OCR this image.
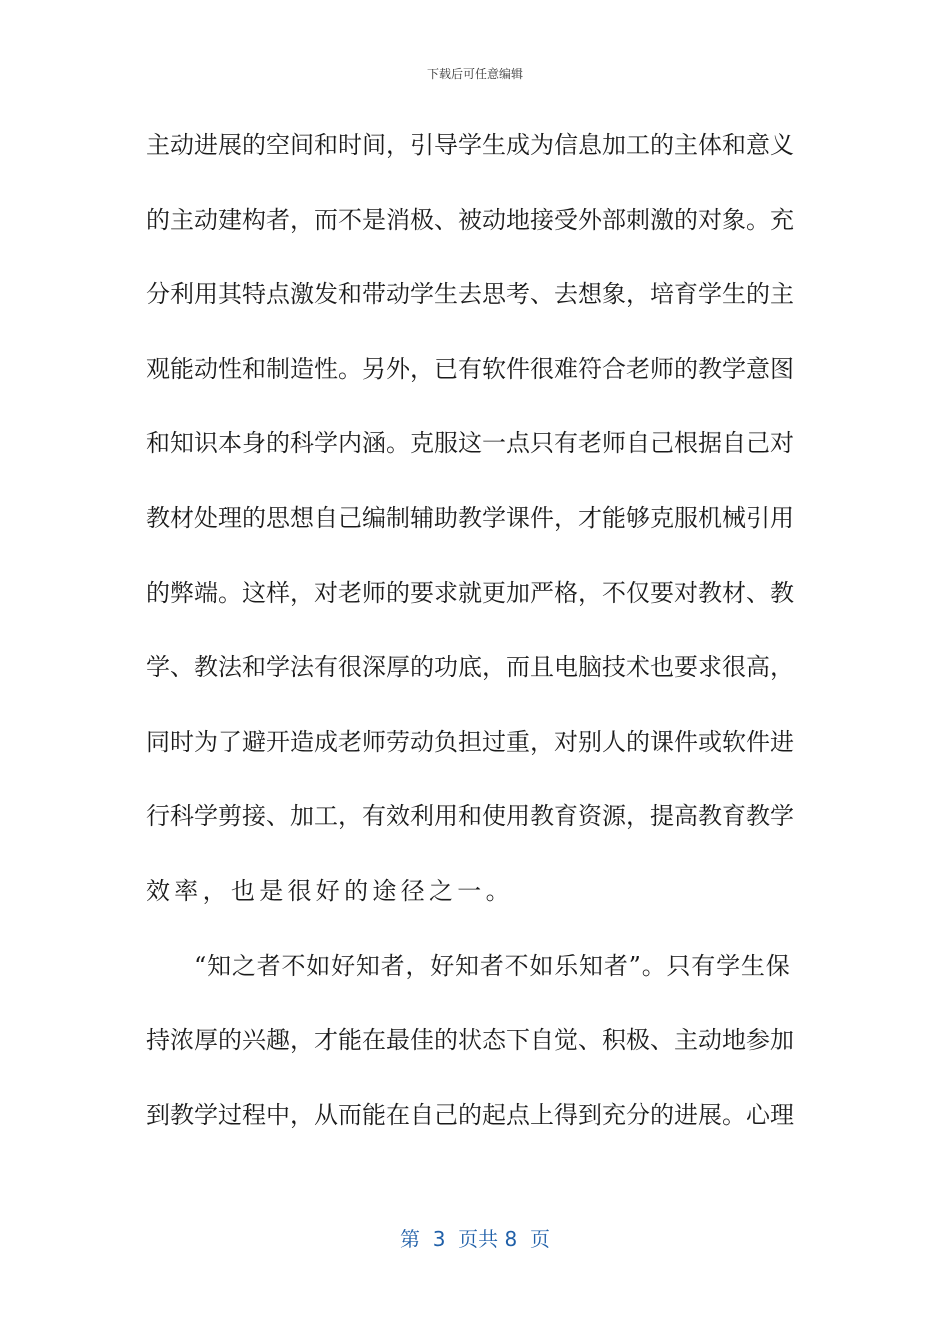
下载后可任意编辑
主 动 进 展 的 空 间 和 时 间 ， 引 导 学 生 成 为 信 息 加 工 的 主 体 和 意 义
的 主 动 建 构 者 ， 而 不 是 消 极 、 被 动 地 接 受 外 部 刺 激 的 对 象 。 充
分 利 用 其 特 点 激 发 和 带 动 学 生 去 思 考 、 去 想 象 ， 培 育 学 生 的 主
观 能 动 性 和 制 造 性 。 另 外 ， 已 有 软 件 很 难 符 合 老 师 的 教 学 意 图
和 知 识 本 身 的 科 学 内 涵 。 克 服 这 一 点 只 有 老 师 自 己 根 据 自 己 对
教 材 处 理 的 思 想 自 己 编 制 辅 助 教 学 课 件 ， 才 能 够 克 服 机 械 引 用
的 弊 端 。 这 样 ， 对 老 师 的 要 求 就 更 加 严 格 ， 不 仅 要 对 教 材 、 教
学 、 教 法 和 学 法 有 很 深 厚 的 功 底 ， 而 且 电 脑 技 术 也 要 求 很 高 ，
同 时 为 了 避 开 造 成 老 师 劳 动 负 担 过 重 ， 对 别 人 的 课 件 或 软 件 进
行 科 学 剪 接 、 加 工 ， 有 效 利 用 和 使 用 教 育 资 源 ， 提 高 教 育 教 学
效率，也是很好的途径之一。
“ 知 之 者 不 如 好 知 者 ， 好 知 者 不 如 乐 知 者 ” 。 只 有 学 生 保
持 浓 厚 的 兴 趣 ， 才 能 在 最 佳 的 状 态 下 自 觉 、 积 极 、 主 动 地 参 加
到 教 学 过 程 中 ， 从 而 能 在 自 己 的 起 点 上 得 到 充 分 的 进 展 。 心 理
第  3  页共 8  页
